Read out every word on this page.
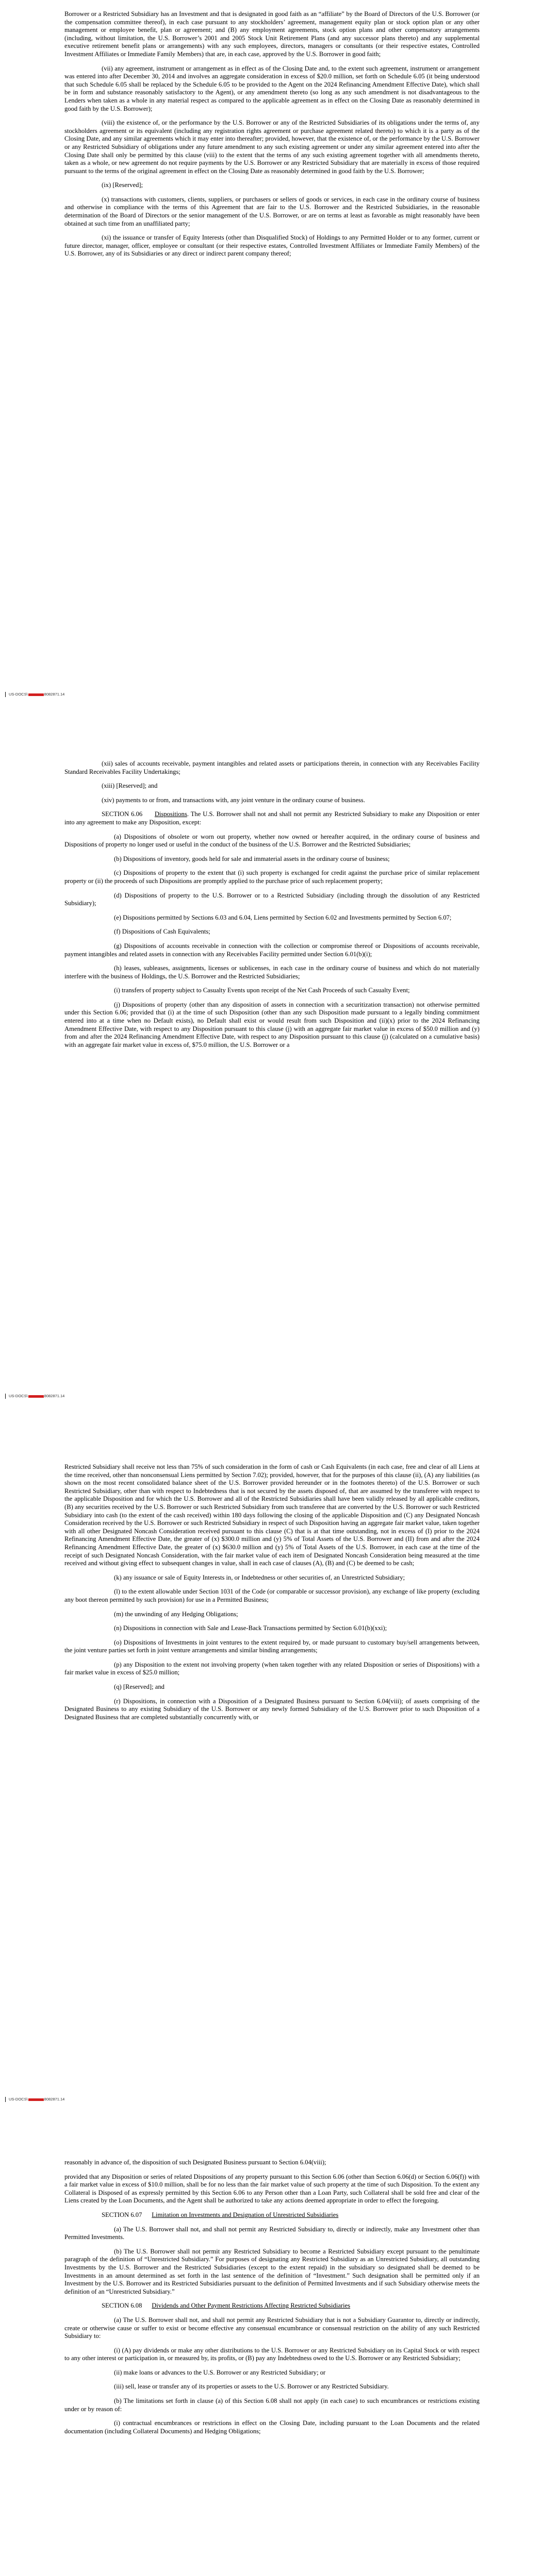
Borrower or a Restricted Subsidiary has an Investment and that is designated in good faith as an “affiliate” by the Board of Directors of the U.S. Borrower (or the compensation committee thereof), in each case pursuant to any stockholders’ agreement, management equity plan or stock option plan or any other management or employee benefit, plan or agreement; and (B) any employment agreements, stock option plans and other compensatory arrangements (including, without limitation, the U.S. Borrower’s 2001 and 2005 Stock Unit Retirement Plans (and any successor plans thereto) and any supplemental executive retirement benefit plans or arrangements) with any such employees, directors, managers or consultants (or their respective estates, Controlled Investment Affiliates or Immediate Family Members) that are, in each case, approved by the U.S. Borrower in good faith;

(vii) any agreement, instrument or arrangement as in effect as of the Closing Date and, to the extent such agreement, instrument or arrangement was entered into after December 30, 2014 and involves an aggregate consideration in excess of $20.0 million, set forth on Schedule 6.05 (it being understood that such Schedule 6.05 shall be replaced by the Schedule 6.05 to be provided to the Agent on the 2024 Refinancing Amendment Effective Date), which shall be in form and substance reasonably satisfactory to the Agent), or any amendment thereto (so long as any such amendment is not disadvantageous to the Lenders when taken as a whole in any material respect as compared to the applicable agreement as in effect on the Closing Date as reasonably determined in good faith by the U.S. Borrower);

(viii) the existence of, or the performance by the U.S. Borrower or any of the Restricted Subsidiaries of its obligations under the terms of, any stockholders agreement or its equivalent (including any registration rights agreement or purchase agreement related thereto) to which it is a party as of the Closing Date, and any similar agreements which it may enter into thereafter; provided, however, that the existence of, or the performance by the U.S. Borrower or any Restricted Subsidiary of obligations under any future amendment to any such existing agreement or under any similar agreement entered into after the Closing Date shall only be permitted by this clause (viii) to the extent that the terms of any such existing agreement together with all amendments thereto, taken as a whole, or new agreement do not require payments by the U.S. Borrower or any Restricted Subsidiary that are materially in excess of those required pursuant to the terms of the original agreement in effect on the Closing Date as reasonably determined in good faith by the U.S. Borrower;

(ix) [Reserved];

(x) transactions with customers, clients, suppliers, or purchasers or sellers of goods or services, in each case in the ordinary course of business and otherwise in compliance with the terms of this Agreement that are fair to the U.S. Borrower and the Restricted Subsidiaries, in the reasonable determination of the Board of Directors or the senior management of the U.S. Borrower, or are on terms at least as favorable as might reasonably have been obtained at such time from an unaffiliated party;

(xi) the issuance or transfer of Equity Interests (other than Disqualified Stock) of Holdings to any Permitted Holder or to any former, current or future director, manager, officer, employee or consultant (or their respective estates, Controlled Investment Affiliates or Immediate Family Members) of the U.S. Borrower, any of its Subsidiaries or any direct or indirect parent company thereof;

US-DOCS\	8082871.14

(xii) sales of accounts receivable, payment intangibles and related assets or participations therein, in connection with any Receivables Facility Standard Receivables Facility Undertakings;

(xiii) [Reserved]; and

(xiv) payments to or from, and transactions with, any joint venture in the ordinary course of business.

SECTION 6.06 Dispositions. The U.S. Borrower shall not and shall not permit any Restricted Subsidiary to make any Disposition or enter into any agreement to make any Disposition, except:

(a) Dispositions of obsolete or worn out property, whether now owned or hereafter acquired, in the ordinary course of business and Dispositions of property no longer used or useful in the conduct of the business of the U.S. Borrower and the Restricted Subsidiaries;

(b) Dispositions of inventory, goods held for sale and immaterial assets in the ordinary course of business;

(c) Dispositions of property to the extent that (i) such property is exchanged for credit against the purchase price of similar replacement property or (ii) the proceeds of such Dispositions are promptly applied to the purchase price of such replacement property;

(d) Dispositions of property to the U.S. Borrower or to a Restricted Subsidiary (including through the dissolution of any Restricted Subsidiary);

(e) Dispositions permitted by Sections 6.03 and 6.04, Liens permitted by Section 6.02 and Investments permitted by Section 6.07;

(f) Dispositions of Cash Equivalents;

(g) Dispositions of accounts receivable in connection with the collection or compromise thereof or Dispositions of accounts receivable, payment intangibles and related assets in connection with any Receivables Facility permitted under Section 6.01(b)(i);

(h) leases, subleases, assignments, licenses or sublicenses, in each case in the ordinary course of business and which do not materially interfere with the business of Holdings, the U.S. Borrower and the Restricted Subsidiaries;

(i) transfers of property subject to Casualty Events upon receipt of the Net Cash Proceeds of such Casualty Event;

(j) Dispositions of property (other than any disposition of assets in connection with a securitization transaction) not otherwise permitted under this Section 6.06; provided that (i) at the time of such Disposition (other than any such Disposition made pursuant to a legally binding commitment entered into at a time when no Default exists), no Default shall exist or would result from such Disposition and (ii)(x) prior to the 2024 Refinancing Amendment Effective Date, with respect to any Disposition pursuant to this clause (j) with an aggregate fair market value in excess of $50.0 million and (y) from and after the 2024 Refinancing Amendment Effective Date, with respect to any Disposition pursuant to this clause (j) (calculated on a cumulative basis) with an aggregate fair market value in excess of, $75.0 million, the U.S. Borrower or a

US-DOCS\	8082871.14

Restricted Subsidiary shall receive not less than 75% of such consideration in the form of cash or Cash Equivalents (in each case, free and clear of all Liens at the time received, other than nonconsensual Liens permitted by Section 7.02); provided, however, that for the purposes of this clause (ii), (A) any liabilities (as shown on the most recent consolidated balance sheet of the U.S. Borrower provided hereunder or in the footnotes thereto) of the U.S. Borrower or such Restricted Subsidiary, other than with respect to Indebtedness that is not secured by the assets disposed of, that are assumed by the transferee with respect to the applicable Disposition and for which the U.S. Borrower and all of the Restricted Subsidiaries shall have been validly released by all applicable creditors, (B) any securities received by the U.S. Borrower or such Restricted Subsidiary from such transferee that are converted by the U.S. Borrower or such Restricted Subsidiary into cash (to the extent of the cash received) within 180 days following the closing of the applicable Disposition and (C) any Designated Noncash Consideration received by the U.S. Borrower or such Restricted Subsidiary in respect of such Disposition having an aggregate fair market value, taken together with all other Designated Noncash Consideration received pursuant to this clause (C) that is at that time outstanding, not in excess of (I) prior to the 2024 Refinancing Amendment Effective Date, the greater of (x) $300.0 million and (y) 5% of Total Assets of the U.S. Borrower and (II) from and after the 2024 Refinancing Amendment Effective Date, the greater of (x) $630.0 million and (y) 5% of Total Assets of the U.S. Borrower, in each case at the time of the receipt of such Designated Noncash Consideration, with the fair market value of each item of Designated Noncash Consideration being measured at the time received and without giving effect to subsequent changes in value, shall in each case of clauses (A), (B) and (C) be deemed to be cash;

(k) any issuance or sale of Equity Interests in, or Indebtedness or other securities of, an Unrestricted Subsidiary;

(l) to the extent allowable under Section 1031 of the Code (or comparable or successor provision), any exchange of like property (excluding any boot thereon permitted by such provision) for use in a Permitted Business;

(m) the unwinding of any Hedging Obligations;

(n) Dispositions in connection with Sale and Lease-Back Transactions permitted by Section 6.01(b)(xxi);

(o) Dispositions of Investments in joint ventures to the extent required by, or made pursuant to customary buy/sell arrangements between, the joint venture parties set forth in joint venture arrangements and similar binding arrangements;

(p) any Disposition to the extent not involving property (when taken together with any related Disposition or series of Dispositions) with a fair market value in excess of $25.0 million;

(q) [Reserved]; and

(r) Dispositions, in connection with a Disposition of a Designated Business pursuant to Section 6.04(viii); of assets comprising of the Designated Business to any existing Subsidiary of the U.S. Borrower or any newly formed Subsidiary of the U.S. Borrower prior to such Disposition of a Designated Business that are completed substantially concurrently with, or

US-DOCS\	8082871.14

reasonably in advance of, the disposition of such Designated Business pursuant to Section 6.04(viii);

provided that any Disposition or series of related Dispositions of any property pursuant to this Section 6.06 (other than Section 6.06(d) or Section 6.06(f)) with a fair market value in excess of $10.0 million, shall be for no less than the fair market value of such property at the time of such Disposition. To the extent any Collateral is Disposed of as expressly permitted by this Section 6.06 to any Person other than a Loan Party, such Collateral shall be sold free and clear of the Liens created by the Loan Documents, and the Agent shall be authorized to take any actions deemed appropriate in order to effect the foregoing.

SECTION 6.07 Limitation on Investments and Designation of Unrestricted Subsidiaries

(a) The U.S. Borrower shall not, and shall not permit any Restricted Subsidiary to, directly or indirectly, make any Investment other than Permitted Investments.

(b) The U.S. Borrower shall not permit any Restricted Subsidiary to become a Restricted Subsidiary except pursuant to the penultimate paragraph of the definition of “Unrestricted Subsidiary.” For purposes of designating any Restricted Subsidiary as an Unrestricted Subsidiary, all outstanding Investments by the U.S. Borrower and the Restricted Subsidiaries (except to the extent repaid) in the subsidiary so designated shall be deemed to be Investments in an amount determined as set forth in the last sentence of the definition of “Investment.” Such designation shall be permitted only if an Investment by the U.S. Borrower and its Restricted Subsidiaries pursuant to the definition of Permitted Investments and if such Subsidiary otherwise meets the definition of an “Unrestricted Subsidiary.”

SECTION 6.08 Dividends and Other Payment Restrictions Affecting Restricted Subsidiaries

(a) The U.S. Borrower shall not, and shall not permit any Restricted Subsidiary that is not a Subsidiary Guarantor to, directly or indirectly, create or otherwise cause or suffer to exist or become effective any consensual encumbrance or consensual restriction on the ability of any such Restricted Subsidiary to:

(i) (A) pay dividends or make any other distributions to the U.S. Borrower or any Restricted Subsidiary on its Capital Stock or with respect to any other interest or participation in, or measured by, its profits, or (B) pay any Indebtedness owed to the U.S. Borrower or any Restricted Subsidiary;

(ii) make loans or advances to the U.S. Borrower or any Restricted Subsidiary; or

(iii) sell, lease or transfer any of its properties or assets to the U.S. Borrower or any Restricted Subsidiary.

(b) The limitations set forth in clause (a) of this Section 6.08 shall not apply (in each case) to such encumbrances or restrictions existing under or by reason of:

(i) contractual encumbrances or restrictions in effect on the Closing Date, including pursuant to the Loan Documents and the related documentation (including Collateral Documents) and Hedging Obligations;
